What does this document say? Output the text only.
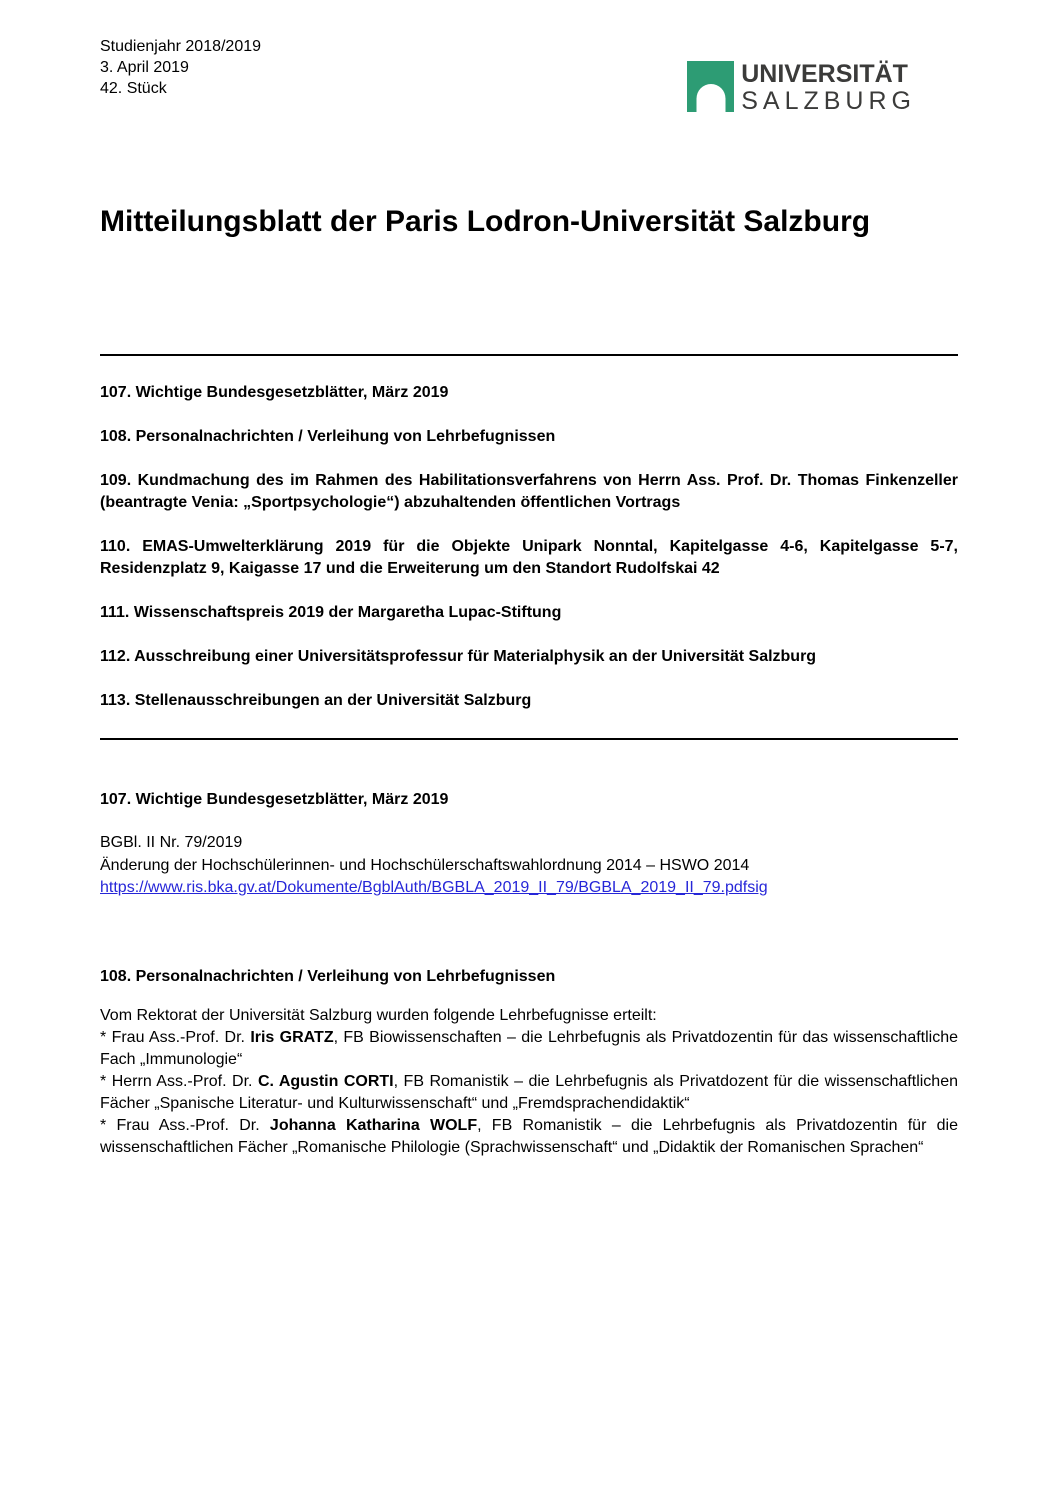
Studienjahr 2018/2019
3. April 2019
42. Stück
UNIVERSITÄT
SALZBURG
Mitteilungsblatt der Paris Lodron-Universität Salzburg

107. Wichtige Bundesgesetzblätter, März 2019

108. Personalnachrichten / Verleihung von Lehrbefugnissen

109. Kundmachung des im Rahmen des Habilitationsverfahrens von Herrn Ass. Prof. Dr. Thomas Finkenzeller (beantragte Venia: „Sportpsychologie“) abzuhaltenden öffentlichen Vortrags

110. EMAS-Umwelterklärung 2019 für die Objekte Unipark Nonntal, Kapitelgasse 4-6, Kapitelgasse 5-7, Residenzplatz 9, Kaigasse 17 und die Erweiterung um den Standort Rudolfskai 42

111. Wissenschaftspreis 2019 der Margaretha Lupac-Stiftung

112. Ausschreibung einer Universitätsprofessur für Materialphysik an der Universität Salzburg

113. Stellenausschreibungen an der Universität Salzburg

107. Wichtige Bundesgesetzblätter, März 2019
BGBl. II Nr. 79/2019
Änderung der Hochschülerinnen- und Hochschülerschaftswahlordnung 2014 – HSWO 2014
https://www.ris.bka.gv.at/Dokumente/BgblAuth/BGBLA_2019_II_79/BGBLA_2019_II_79.pdfsig
108. Personalnachrichten / Verleihung von Lehrbefugnissen

Vom Rektorat der Universität Salzburg wurden folgende Lehrbefugnisse erteilt:

* Frau Ass.-Prof. Dr. Iris GRATZ, FB Biowissenschaften – die Lehrbefugnis als Privatdozentin für das wissenschaftliche Fach „Immunologie“

* Herrn Ass.-Prof. Dr. C. Agustin CORTI, FB Romanistik – die Lehrbefugnis als Privatdozent für die wissenschaftlichen Fächer „Spanische Literatur- und Kulturwissenschaft“ und „Fremdsprachendidaktik“

* Frau Ass.-Prof. Dr. Johanna Katharina WOLF, FB Romanistik – die Lehrbefugnis als Privatdozentin für die wissenschaftlichen Fächer „Romanische Philologie (Sprachwissenschaft“ und „Didaktik der Romanischen Sprachen“
